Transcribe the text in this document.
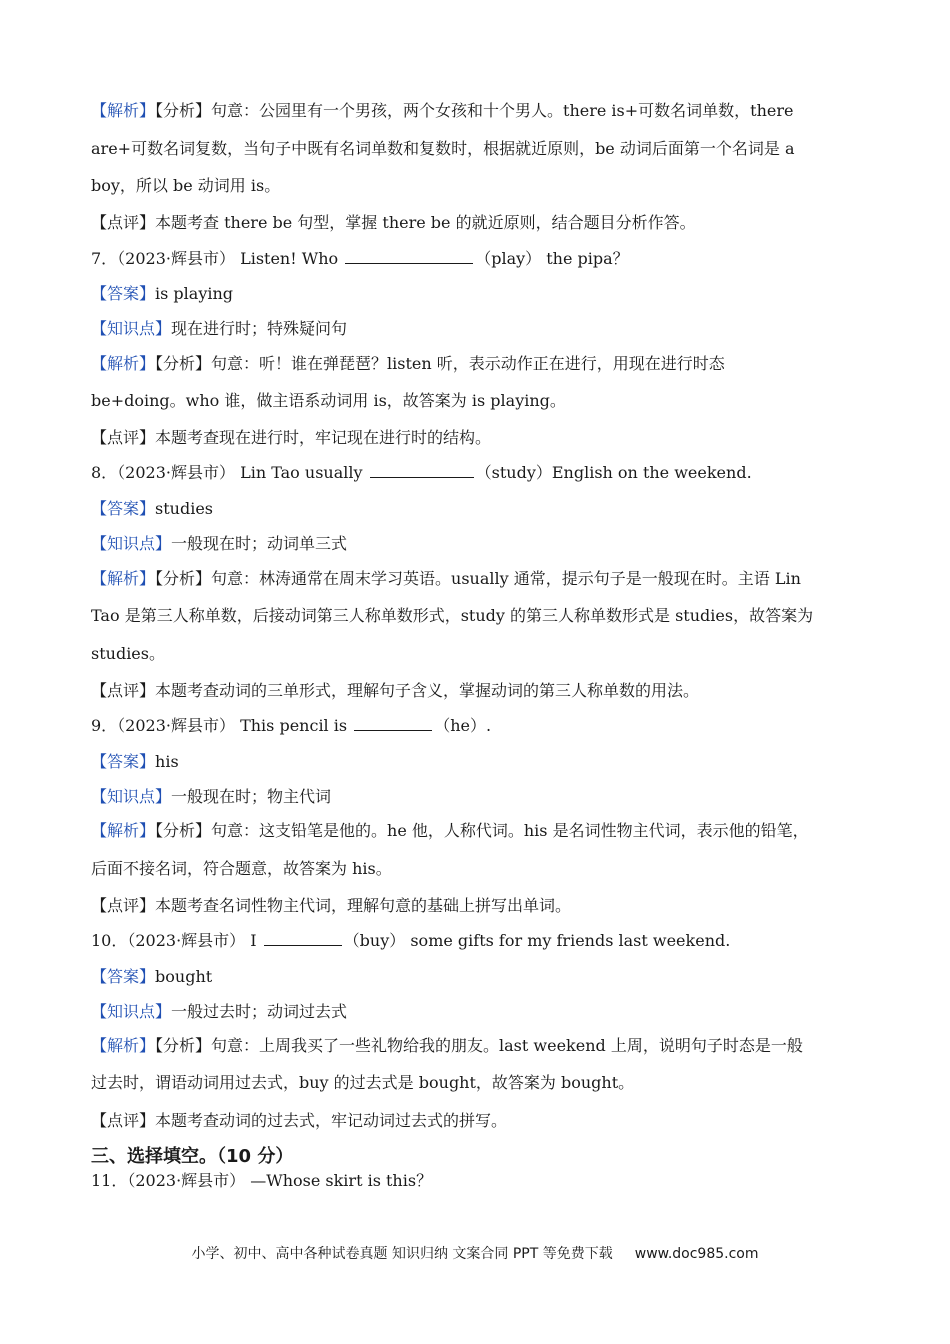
【解析】【分析】句意：公园里有一个男孩，两个女孩和十个男人。there is+可数名词单数，there
are+可数名词复数，当句子中既有名词单数和复数时，根据就近原则，be 动词后面第一个名词是 a
boy，所以 be 动词用 is。
【点评】本题考查 there be 句型，掌握 there be 的就近原则，结合题目分析作答。
7．（2023·辉县市） Listen! Who	（play） the pipa？
【答案】is playing
【知识点】现在进行时；特殊疑问句
【解析】【分析】句意：听！谁在弹琵琶？listen 听，表示动作正在进行，用现在进行时态
be+doing。who 谁，做主语系动词用 is，故答案为 is playing。
【点评】本题考查现在进行时，牢记现在进行时的结构。
8．（2023·辉县市） Lin Tao usually	（study）English on the weekend.
【答案】studies
【知识点】一般现在时；动词单三式
【解析】【分析】句意：林涛通常在周末学习英语。usually 通常，提示句子是一般现在时。主语 Lin
Tao 是第三人称单数，后接动词第三人称单数形式，study 的第三人称单数形式是 studies，故答案为
studies。
【点评】本题考查动词的三单形式，理解句子含义，掌握动词的第三人称单数的用法。
9．（2023·辉县市） This pencil is	（he）.
【答案】his
【知识点】一般现在时；物主代词
【解析】【分析】句意：这支铅笔是他的。he 他，人称代词。his 是名词性物主代词，表示他的铅笔，
后面不接名词，符合题意，故答案为 his。
【点评】本题考查名词性物主代词，理解句意的基础上拼写出单词。
10．（2023·辉县市） I	（buy） some gifts for my friends last weekend.
【答案】bought
【知识点】一般过去时；动词过去式
【解析】【分析】句意：上周我买了一些礼物给我的朋友。last weekend 上周，说明句子时态是一般
过去时，谓语动词用过去式，buy 的过去式是 bought，故答案为 bought。
【点评】本题考查动词的过去式，牢记动词过去式的拼写。
三、选择填空。（10 分）
11．（2023·辉县市） —Whose skirt is this？
小学、初中、高中各种试卷真题 知识归纳 文案合同 PPT 等免费下载 www.doc985.com
